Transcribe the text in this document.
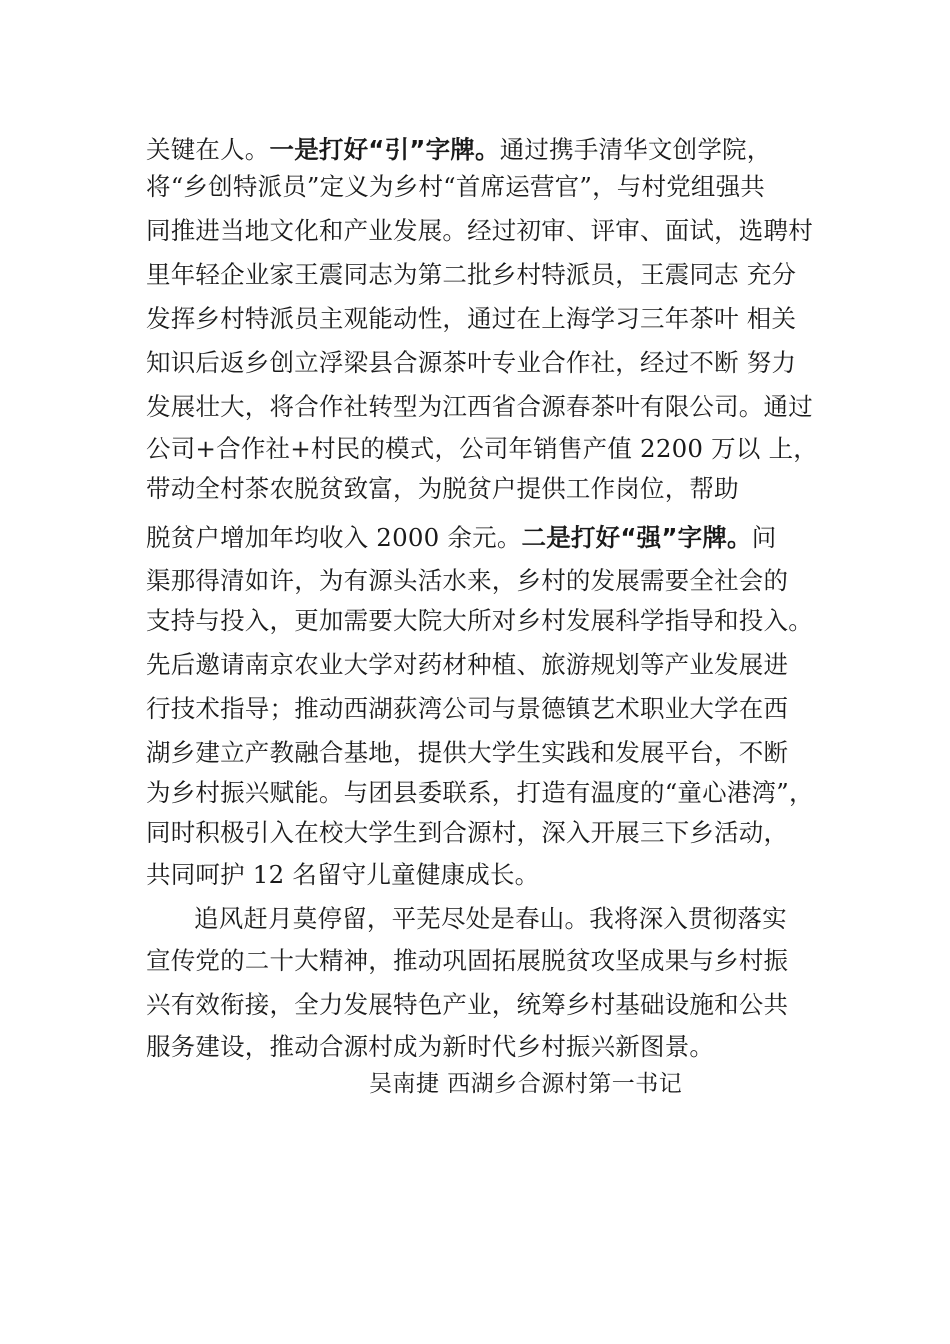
关键在人。一是打好“引”字牌。通过携手清华文创学院，
将“乡创特派员”定义为乡村“首席运营官”，与村党组强共
同推进当地文化和产业发展。经过初审、评审、面试，选聘村
里年轻企业家王震同志为第二批乡村特派员，王震同志 充分
发挥乡村特派员主观能动性，通过在上海学习三年茶叶 相关
知识后返乡创立浮梁县合源茶叶专业合作社，经过不断 努力
发展壮大，将合作社转型为江西省合源春茶叶有限公司。通过
公司+合作社+村民的模式，公司年销售产值 2200 万以 上，
带动全村茶农脱贫致富，为脱贫户提供工作岗位，帮助
脱贫户增加年均收入 2000 余元。二是打好“强”字牌。问
渠那得清如许，为有源头活水来，乡村的发展需要全社会的
支持与投入，更加需要大院大所对乡村发展科学指导和投入。
先后邀请南京农业大学对药材种植、旅游规划等产业发展进
行技术指导；推动西湖荻湾公司与景德镇艺术职业大学在西
湖乡建立产教融合基地，提供大学生实践和发展平台，不断
为乡村振兴赋能。与团县委联系，打造有温度的“童心港湾”，
同时积极引入在校大学生到合源村，深入开展三下乡活动，
共同呵护 12 名留守儿童健康成长。
追风赶月莫停留，平芜尽处是春山。我将深入贯彻落实
宣传党的二十大精神，推动巩固拓展脱贫攻坚成果与乡村振
兴有效衔接，全力发展特色产业，统筹乡村基础设施和公共
服务建设，推动合源村成为新时代乡村振兴新图景。
吴南捷 西湖乡合源村第一书记
